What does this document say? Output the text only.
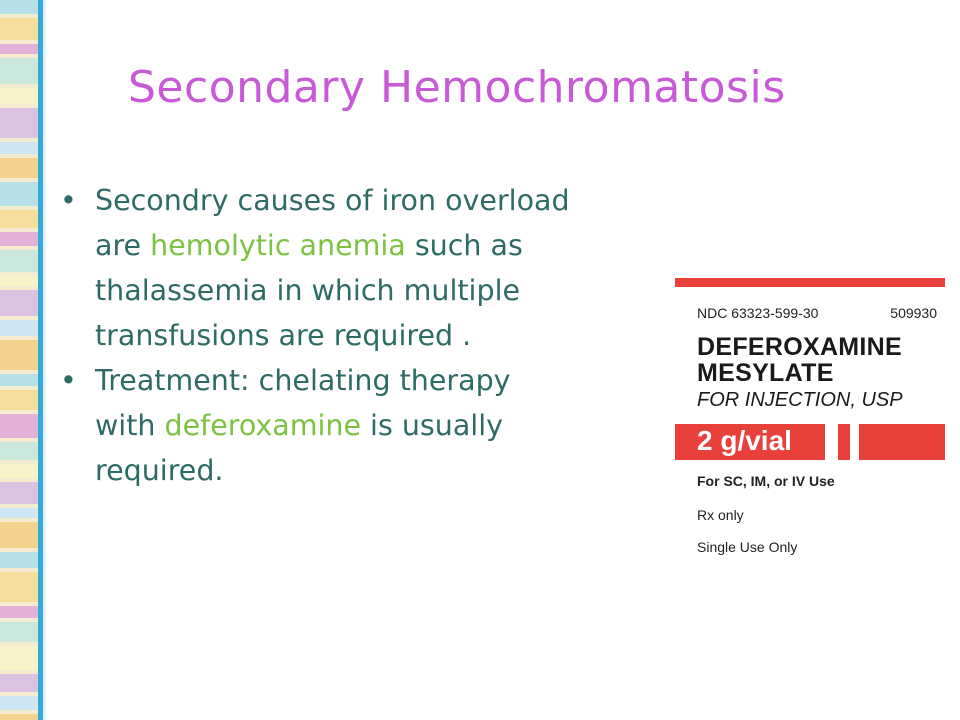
Secondary Hemochromatosis
• Secondry causes of iron overload are hemolytic anemia such as thalassemia in which multiple transfusions are required .
• Treatment: chelating therapy with deferoxamine is usually required.
NDC 63323-599-30	509930
DEFEROXAMINE
MESYLATE
FOR INJECTION, USP
2 g/vial
For SC, IM, or IV Use
Rx only
Single Use Only
